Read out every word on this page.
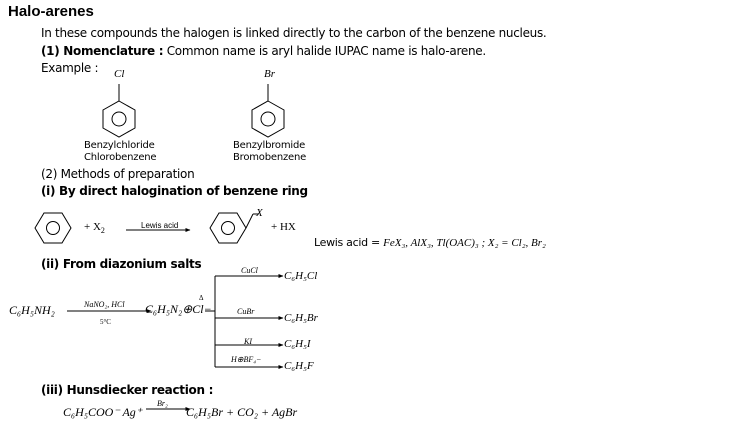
Halo-arenes
In these compounds the halogen is linked directly to the carbon of the benzene nucleus.
(1) Nomenclature : Common name is aryl halide IUPAC name is halo-arene.
Example : Cl	Br
Benzylchloride
Chlorobenzene
Benzylbromide
Bromobenzene
(2) Methods of preparation
(i) By direct halogination of benzene ring
+ $X_2$
Lewis acid
X
+ HX
Lewis acid = FeX₃, AlX₃, Tl(OAC)₃ ; X₂ = Cl₂, Br₂
(ii) From diazonium salts
C₆H₅NH₂	NaNO₂, HCl
5°C
C₆H₅N₂⊕Cl−
Δ
CuCl C₆H₅Cl
CuBr
C₆H₅Br
KI	C₆H₅I
H⊕BF₄−
C₆H₅F
(iii) Hunsdiecker reaction :
C₆H₅COO⁻ Ag⁺
Br₂
C₆H₅Br + CO₂ + AgBr
